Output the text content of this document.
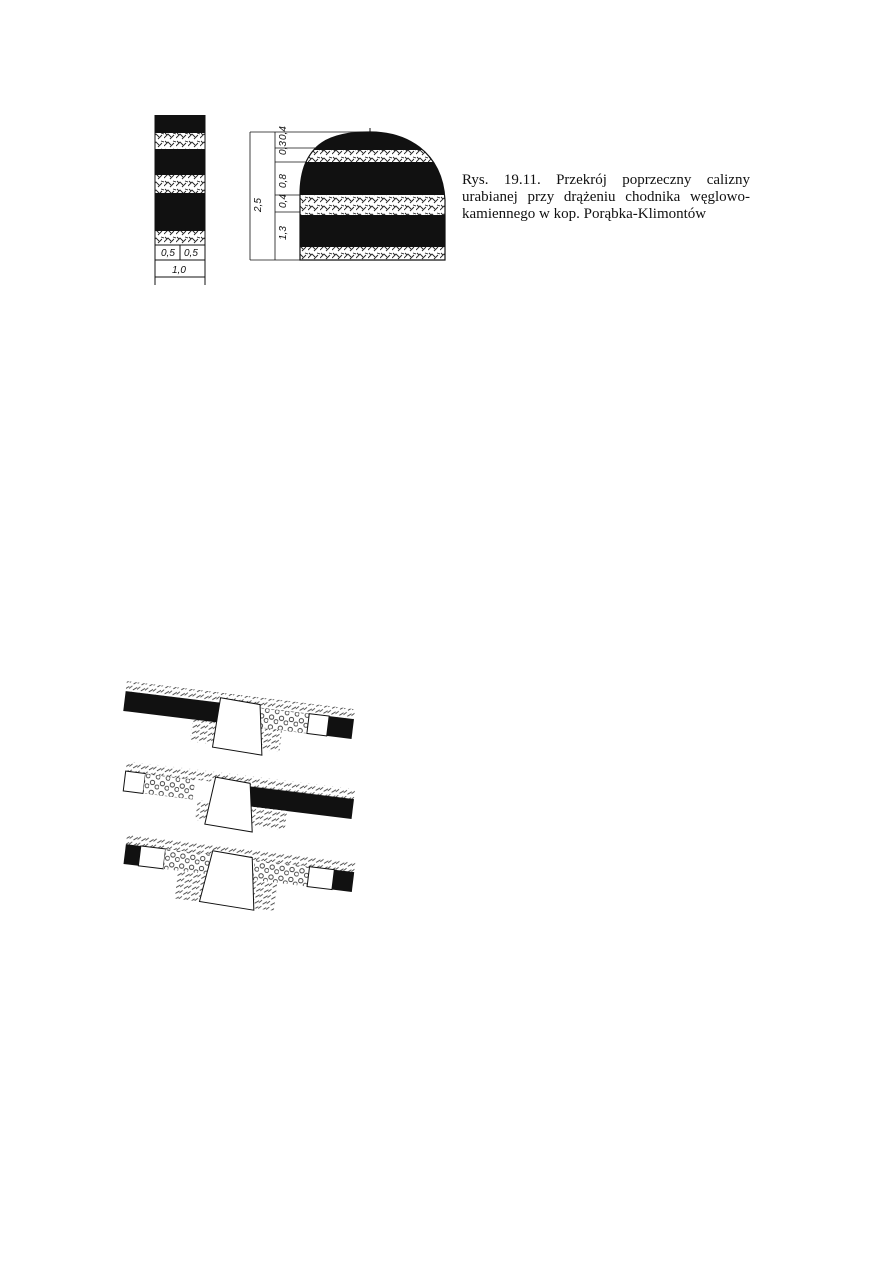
0,5 0,5
1,0
0,3
0,4
0,8
0,4
1,3
2,5
Rys. 19.11. Przekrój poprzeczny calizny urabianej przy drążeniu chodnika węglowo-kamiennego w kop. Porąbka-Klimontów
